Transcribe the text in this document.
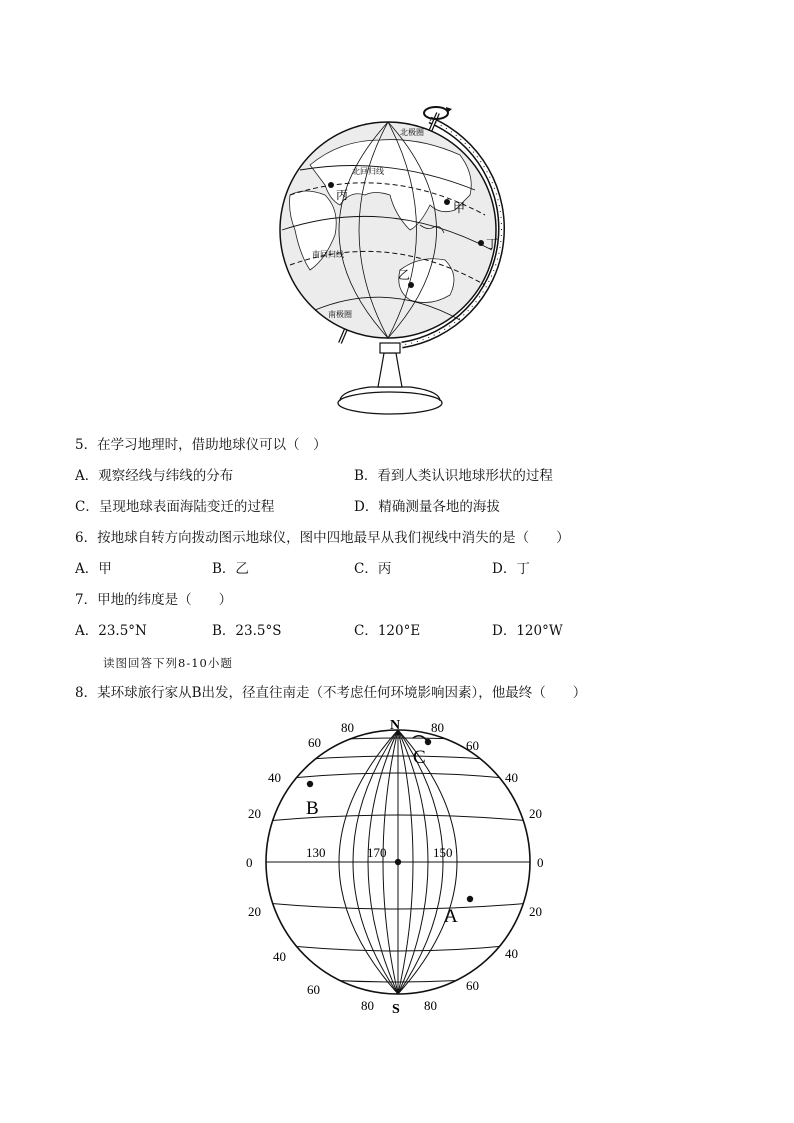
北极圈
北回归线
南回归线
南极圈
丙
甲
丁
乙
5．在学习地理时，借助地球仪可以（　）
A．观察经线与纬线的分布	B．看到人类认识地球形状的过程
C．呈现地球表面海陆变迁的过程	D．精确测量各地的海拔
6．按地球自转方向拨动图示地球仪，图中四地最早从我们视线中消失的是（　　）
A．甲	B．乙	C．丙	D．丁
7．甲地的纬度是（　　）
A．23.5°N	B．23.5°S	C．120°E	D．120°W
读图回答下列8-10小题
8．某环球旅行家从B出发，径直往南走（不考虑任何环境影响因素），他最终（　　）
N
S
80
60
40
20
0
20
40
60
80
80
60
40
20
0
20
40
60
80
130	170	150
B
C
A
